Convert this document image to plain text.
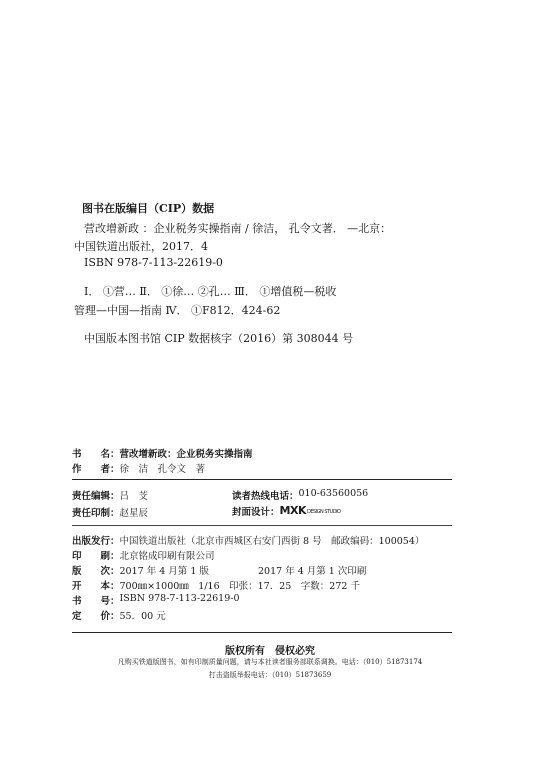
图书在版编目（CIP）数据
营改增新政 ：企业税务实操指南 / 徐洁， 孔令文著． —北京：
中国铁道出版社，2017．4
ISBN 978-7-113-22619-0
Ⅰ． ①营… Ⅱ． ①徐… ②孔… Ⅲ． ①增值税—税收
管理—中国—指南 Ⅳ． ①F812．424-62
中国版本图书馆 CIP 数据核字（2016）第 308044 号
书　　名： 营改增新政：企业税务实操指南
作　　者： 徐　洁　孔令文　著
责任编辑： 吕　芠	读者热线电话： 010-63560056
责任印制： 赵星辰	封面设计： MXKDESIGN STUDIO
出版发行： 中国铁道出版社（北京市西城区右安门西街 8 号　邮政编码：100054）
印　　刷： 北京铭成印刷有限公司
版　　次： 2017 年 4 月第 1 版	2017 年 4 月第 1 次印刷
开　　本： 700㎜×1000㎜　1/16　印张：17．25　字数：272 千
书　　号： ISBN 978-7-113-22619-0
定　　价： 55．00 元
版权所有　侵权必究
凡购买铁道版图书，如有印制质量问题，请与本社读者服务部联系调换。电话：（010）51873174
打击盗版举报电话：（010）51873659
